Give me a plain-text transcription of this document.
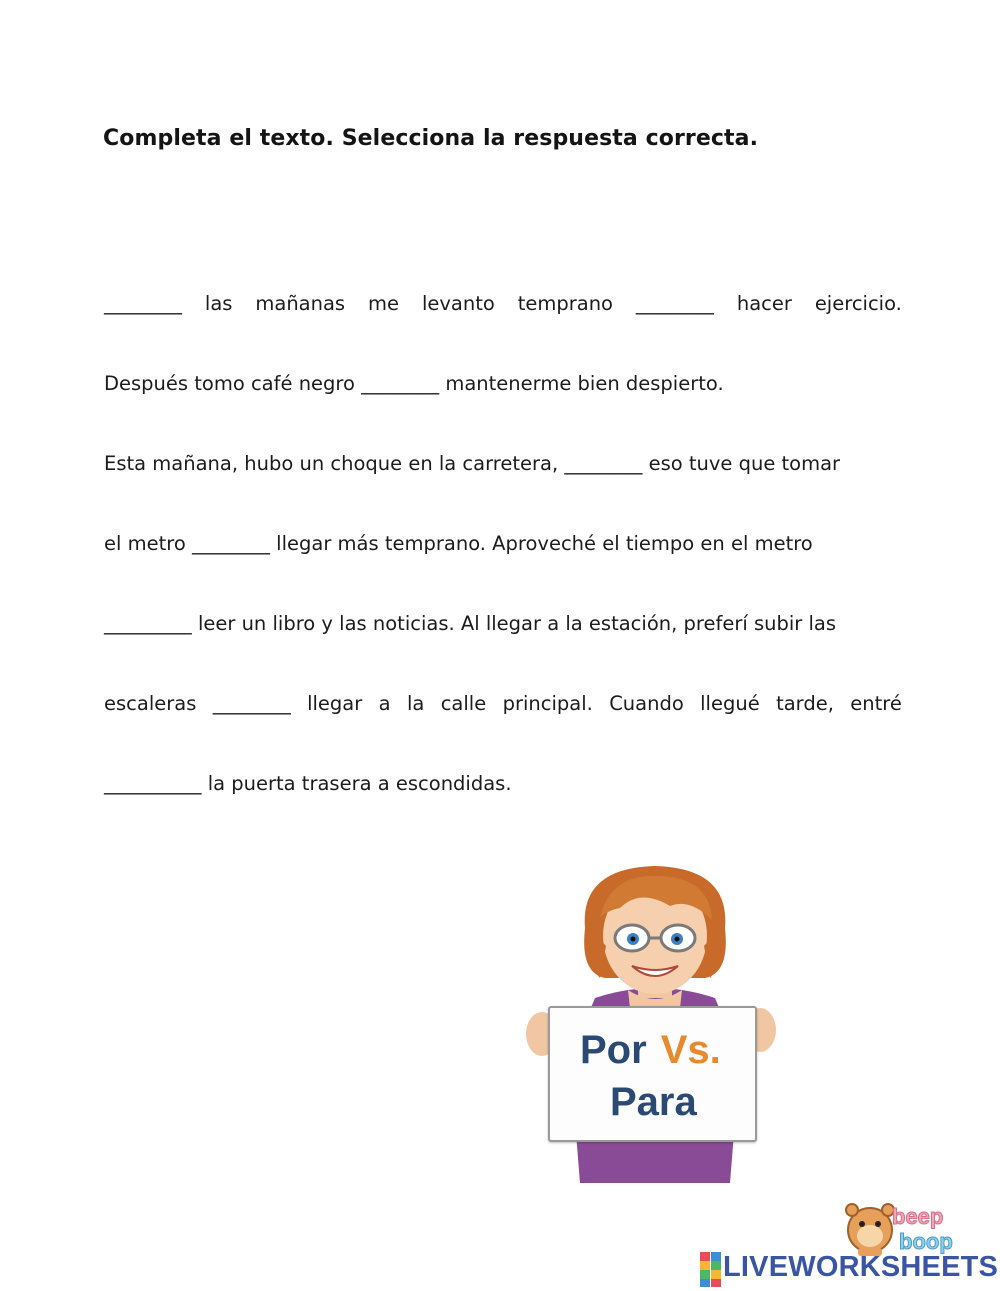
Completa el texto. Selecciona la respuesta correcta.
________ las mañanas me levanto temprano ________ hacer ejercicio.
Después tomo café negro ________ mantenerme bien despierto.
Esta mañana, hubo un choque en la carretera, ________ eso tuve que tomar
el metro ________ llegar más temprano. Aproveché el tiempo en el metro
_________ leer un libro y las noticias. Al llegar a la estación, preferí subir las
escaleras ________ llegar a la calle principal. Cuando llegué tarde, entré
__________ la puerta trasera a escondidas.
Por Vs.
Para
beep
boop
LIVEWORKSHEETS
